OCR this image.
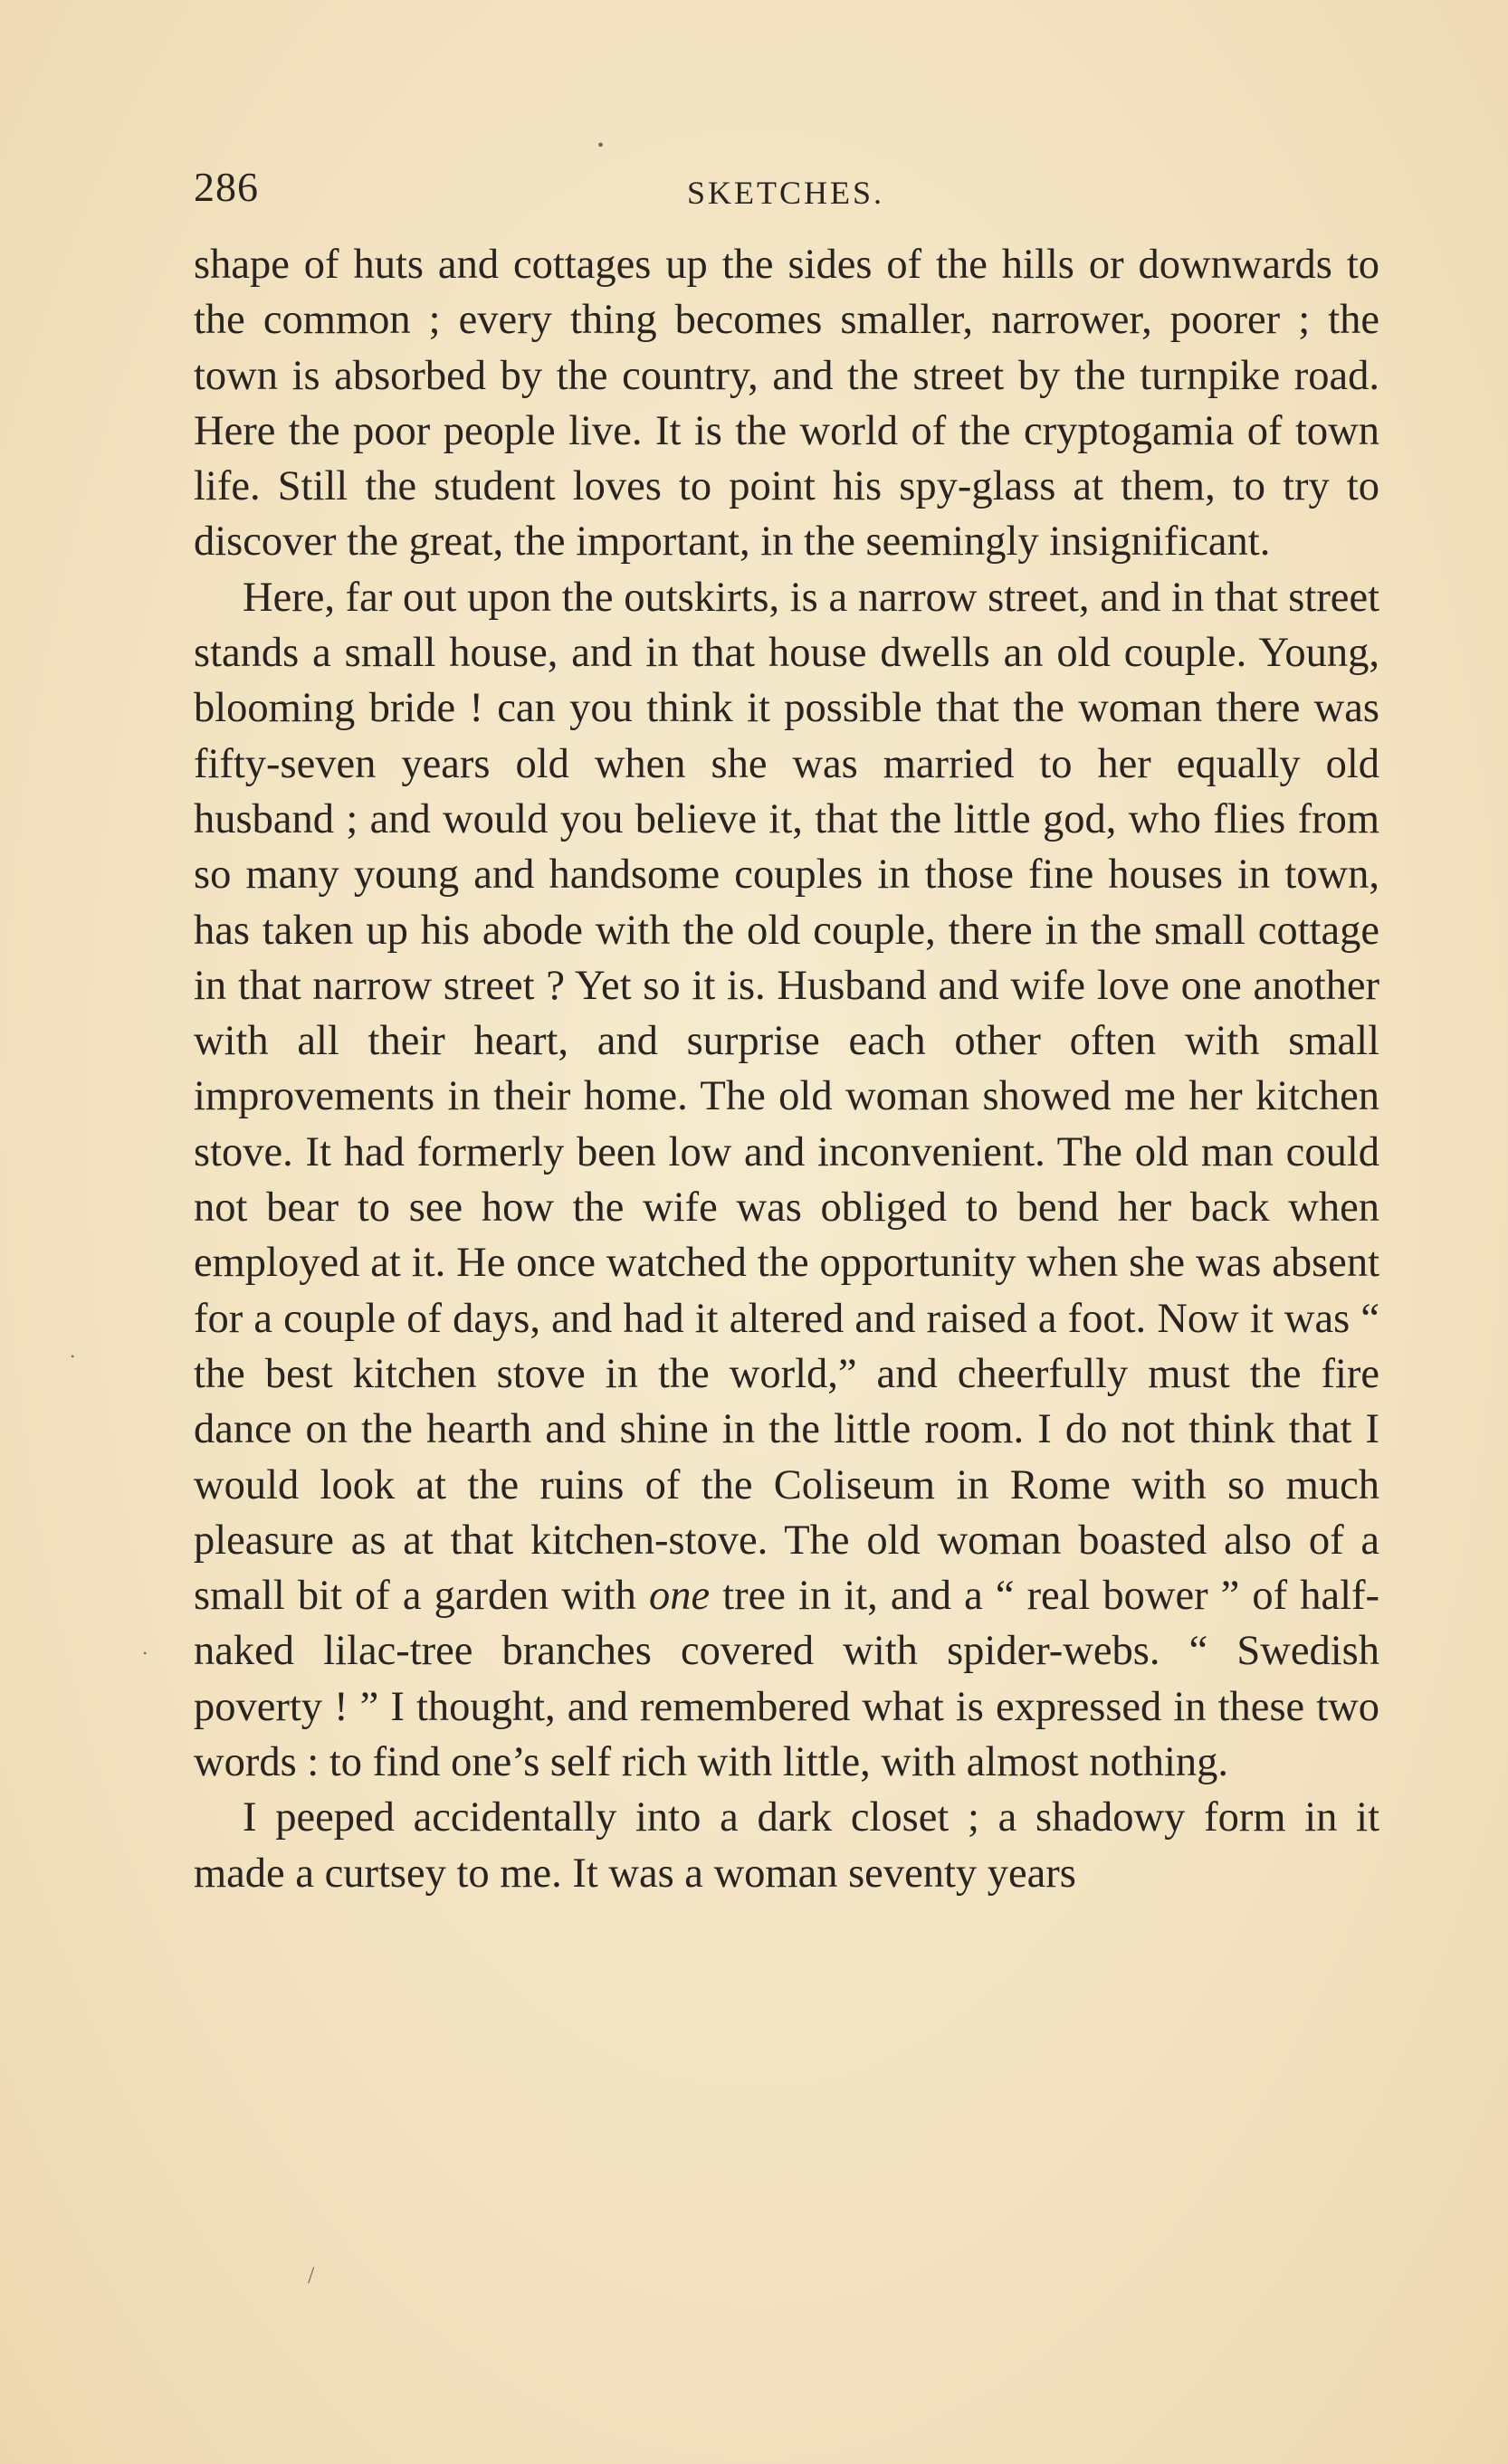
•
•
•
/
286	SKETCHES.

shape of huts and cottages up the sides of the hills or downwards to the common ; every thing becomes smaller, narrower, poorer ; the town is absorbed by the country, and the street by the turnpike road. Here the poor people live. It is the world of the cryptogamia of town life. Still the student loves to point his spy-glass at them, to try to discover the great, the important, in the seemingly insignificant.

Here, far out upon the outskirts, is a narrow street, and in that street stands a small house, and in that house dwells an old couple. Young, blooming bride ! can you think it possible that the woman there was fifty-seven years old when she was married to her equally old husband ; and would you believe it, that the little god, who flies from so many young and handsome couples in those fine houses in town, has taken up his abode with the old couple, there in the small cottage in that narrow street ? Yet so it is. Husband and wife love one another with all their heart, and surprise each other often with small improvements in their home. The old woman showed me her kitchen stove. It had formerly been low and inconvenient. The old man could not bear to see how the wife was obliged to bend her back when employed at it. He once watched the opportunity when she was absent for a couple of days, and had it altered and raised a foot. Now it was “ the best kitchen stove in the world,” and cheerfully must the fire dance on the hearth and shine in the little room. I do not think that I would look at the ruins of the Coliseum in Rome with so much pleasure as at that kitchen-stove. The old woman boasted also of a small bit of a garden with one tree in it, and a “ real bower ” of half-naked lilac-tree branches covered with spider-webs. “ Swedish poverty ! ” I thought, and remembered what is expressed in these two words : to find one’s self rich with little, with almost nothing.

I peeped accidentally into a dark closet ; a shadowy form in it made a curtsey to me. It was a woman seventy years
